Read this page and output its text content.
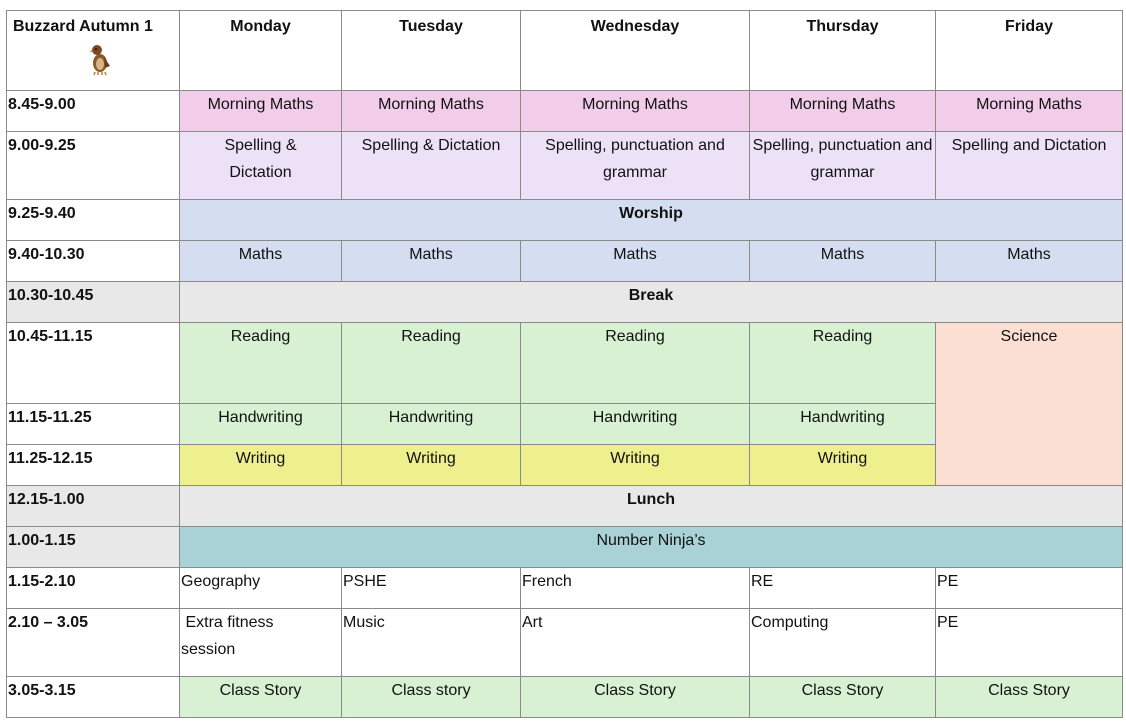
Buzzard Autumn 1	Monday	Tuesday	Wednesday	Thursday	Friday
8.45-9.00	Morning Maths	Morning Maths	Morning Maths	Morning Maths	Morning Maths
9.00-9.25	Spelling & Dictation	Spelling & Dictation	Spelling, punctuation and grammar	Spelling, punctuation and grammar	Spelling and Dictation
9.25-9.40	Worship				
9.40-10.30	Maths	Maths	Maths	Maths	Maths
10.30-10.45	Break				
10.45-11.15	Reading	Reading	Reading	Reading	Science
11.15-11.25	Handwriting	Handwriting	Handwriting	Handwriting	
11.25-12.15	Writing	Writing	Writing	Writing	
12.15-1.00	Lunch				
1.00-1.15	Number Ninja’s				
1.15-2.10	Geography	PSHE	French	RE	PE
2.10 – 3.05	Extra fitness session	Music	Art	Computing	PE
3.05-3.15	Class Story	Class story	Class Story	Class Story	Class Story
